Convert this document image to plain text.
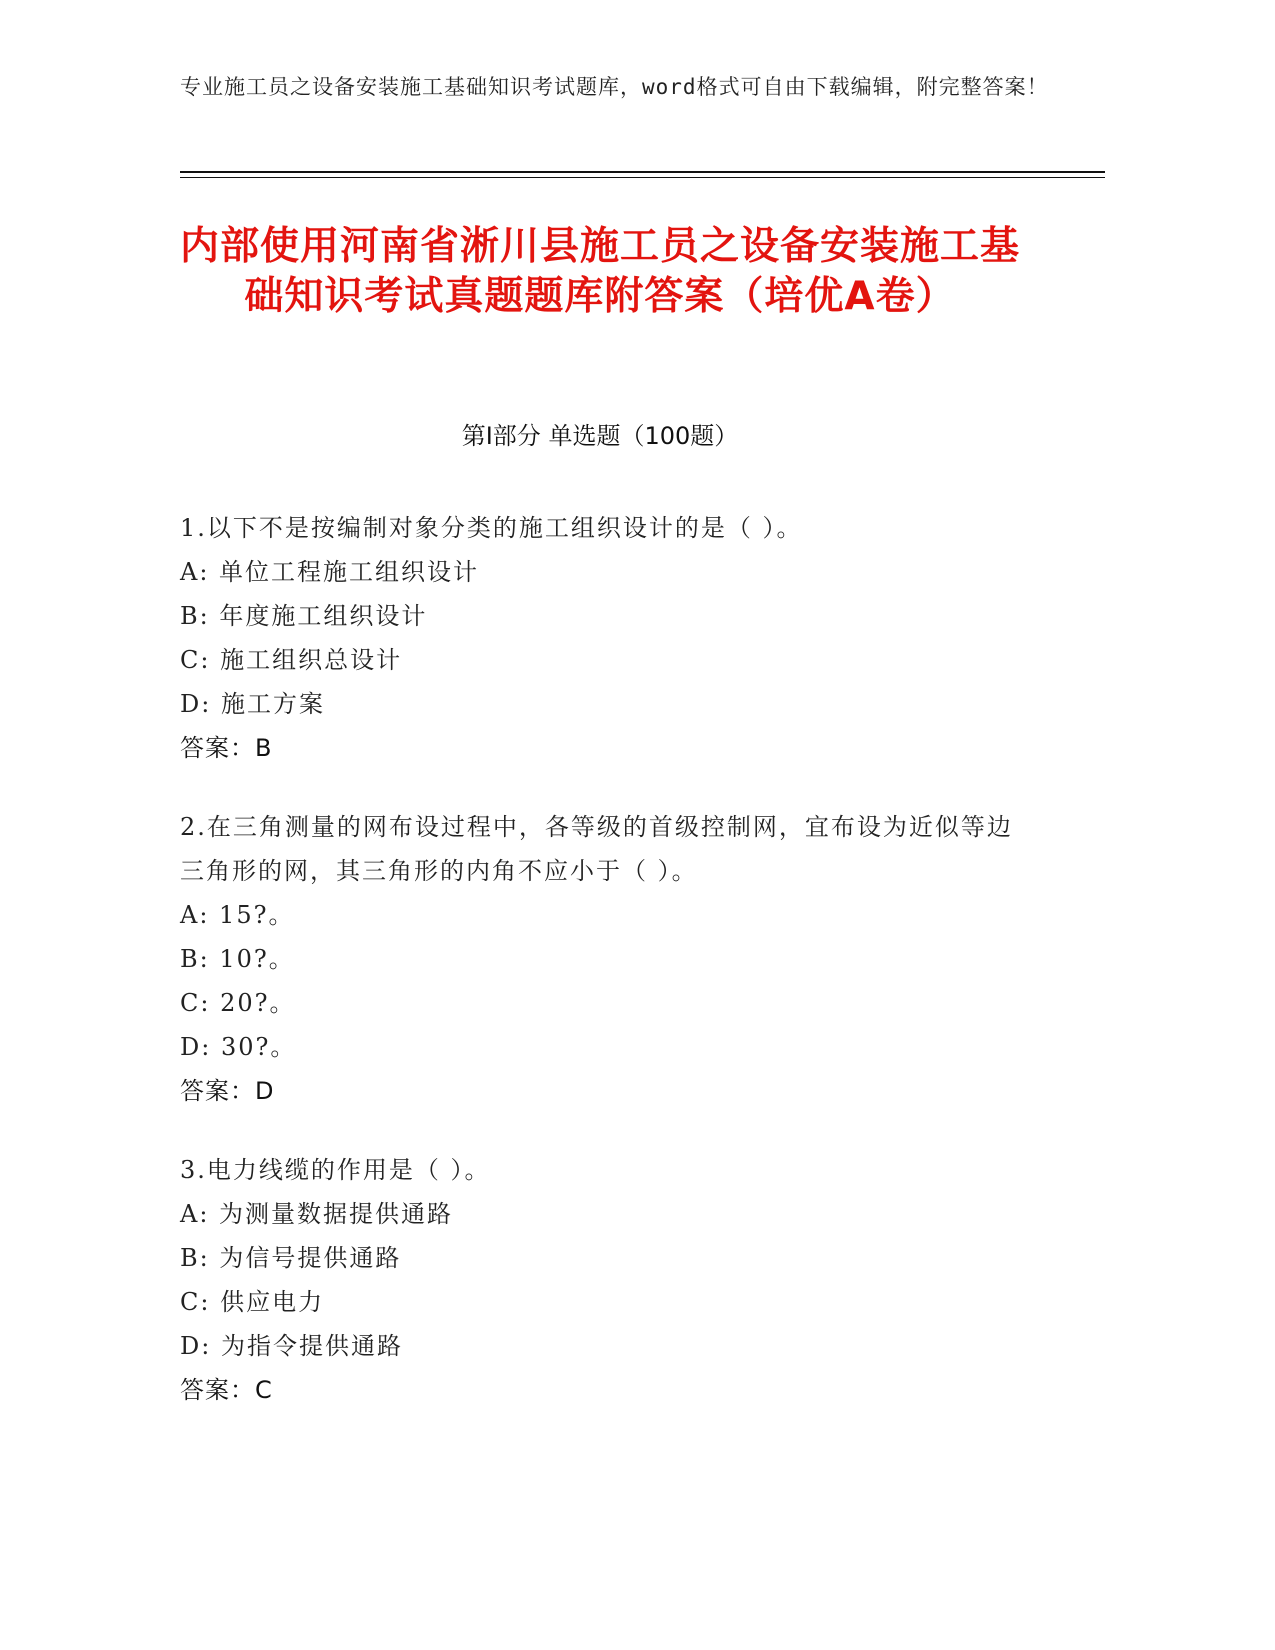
专业施工员之设备安装施工基础知识考试题库，word格式可自由下载编辑，附完整答案！
内部使用河南省淅川县施工员之设备安装施工基础知识考试真题题库附答案（培优A卷）
第I部分 单选题（100题）
1.以下不是按编制对象分类的施工组织设计的是（ ）。
A: 单位工程施工组织设计
B: 年度施工组织设计
C: 施工组织总设计
D: 施工方案
答案：B
2.在三角测量的网布设过程中，各等级的首级控制网，宜布设为近似等边三角形的网，其三角形的内角不应小于（ ）。
A: 15?。
B: 10?。
C: 20?。
D: 30?。
答案：D
3.电力线缆的作用是（ ）。
A: 为测量数据提供通路
B: 为信号提供通路
C: 供应电力
D: 为指令提供通路
答案：C
